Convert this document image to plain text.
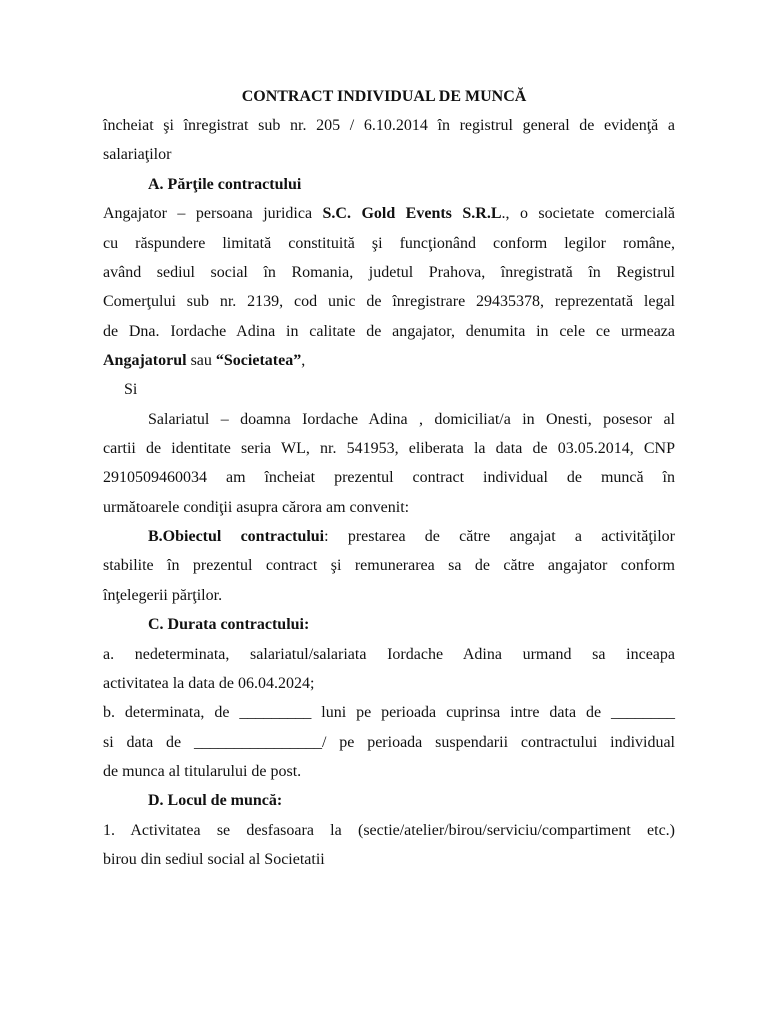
CONTRACT INDIVIDUAL DE MUNCĂ

încheiat şi înregistrat sub nr. 205 / 6.10.2014 în registrul general de evidenţă a

salariaţilor

A. Părţile contractului

Angajator – persoana juridica S.C. Gold Events S.R.L., o societate comercială

cu răspundere limitată constituită şi funcţionând conform legilor române,

având sediul social în Romania, judetul Prahova, înregistrată în Registrul

Comerţului sub nr. 2139, cod unic de înregistrare 29435378, reprezentată legal

de Dna. Iordache Adina in calitate de angajator, denumita in cele ce urmeaza

Angajatorul sau “Societatea”,

Si

Salariatul – doamna Iordache Adina , domiciliat/a in Onesti, posesor al

cartii de identitate seria WL, nr. 541953, eliberata la data de 03.05.2014, CNP

2910509460034 am încheiat prezentul contract individual de muncă în

următoarele condiţii asupra cărora am convenit:

B.Obiectul contractului: prestarea de către angajat a activităţilor

stabilite în prezentul contract şi remunerarea sa de către angajator conform

înţelegerii părţilor.

C. Durata contractului:

a. nedeterminata, salariatul/salariata Iordache Adina urmand sa inceapa

activitatea la data de 06.04.2024;

b. determinata, de _________ luni pe perioada cuprinsa intre data de ________

si data de ________________/ pe perioada suspendarii contractului individual

de munca al titularului de post.

D. Locul de muncă:

1. Activitatea se desfasoara la (sectie/atelier/birou/serviciu/compartiment etc.)

birou din sediul social al Societatii
